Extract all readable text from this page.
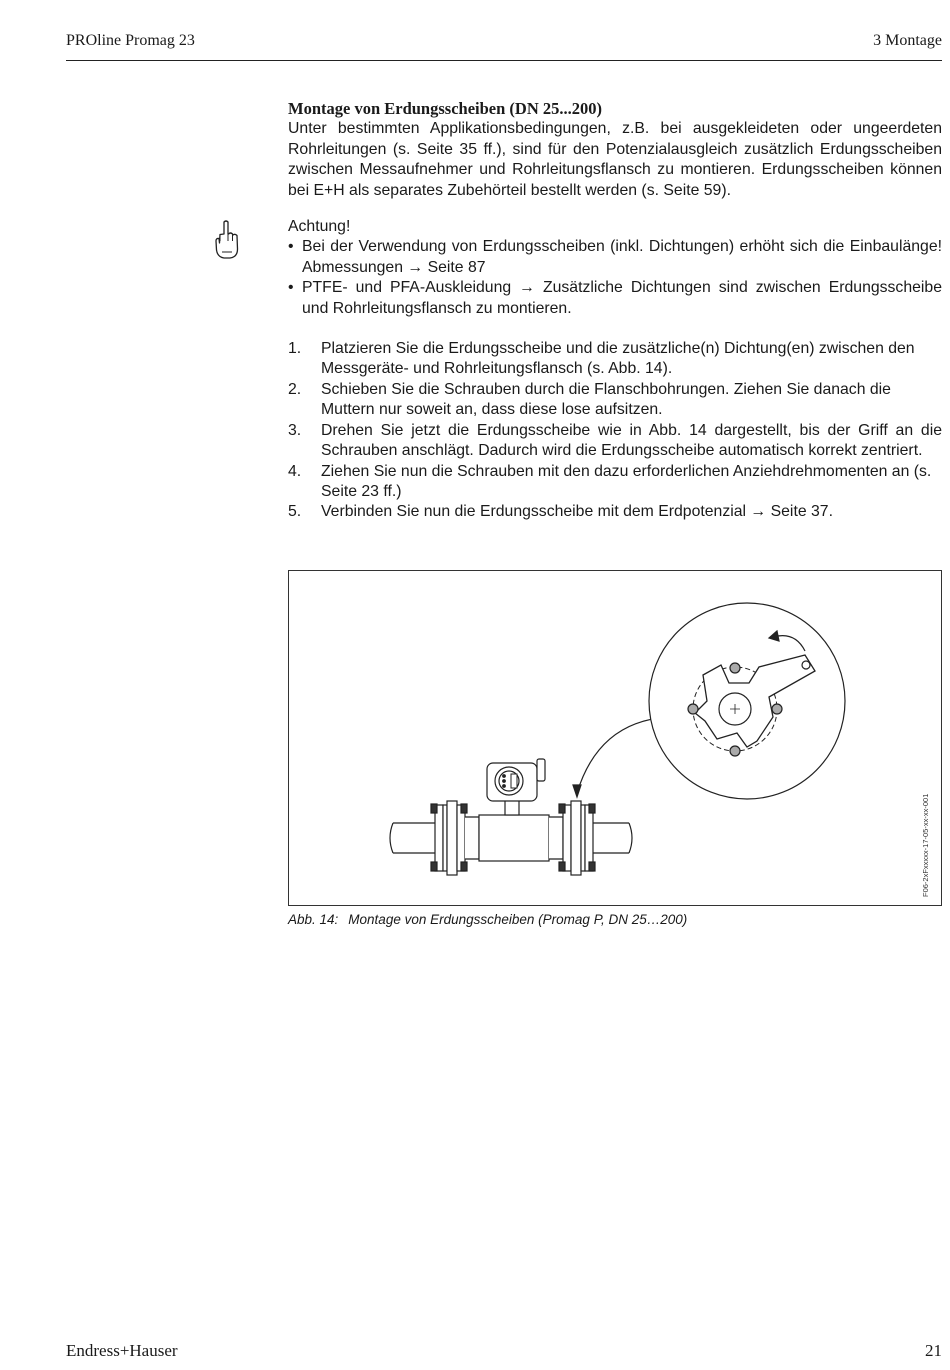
PROline Promag 23	3 Montage
Montage von Erdungsscheiben (DN 25...200)

Unter bestimmten Applikationsbedingungen, z.B. bei ausgekleideten oder ungeerdeten Rohrleitungen (s. Seite 35 ff.), sind für den Potenzialausgleich zusätzlich Erdungsscheiben zwischen Messaufnehmer und Rohrleitungsflansch zu montieren. Erdungsscheiben können bei E+H als separates Zubehörteil bestellt werden (s. Seite 59).

Achtung!
• Bei der Verwendung von Erdungsscheiben (inkl. Dichtungen) erhöht sich die Einbaulänge! Abmessungen → Seite 87
• PTFE- und PFA-Auskleidung → Zusätzliche Dichtungen sind zwischen Erdungsscheibe und Rohrleitungsflansch zu montieren.
1.	Platzieren Sie die Erdungsscheibe und die zusätzliche(n) Dichtung(en) zwischen den Messgeräte- und Rohrleitungsflansch (s. Abb. 14).
2.	Schieben Sie die Schrauben durch die Flanschbohrungen. Ziehen Sie danach die Muttern nur soweit an, dass diese lose aufsitzen.
3.	Drehen Sie jetzt die Erdungsscheibe wie in Abb. 14 dargestellt, bis der Griff an die Schrauben anschlägt. Dadurch wird die Erdungsscheibe automatisch korrekt zentriert.
4.	Ziehen Sie nun die Schrauben mit den dazu erforderlichen Anziehdrehmomenten an (s. Seite 23 ff.)
5.	Verbinden Sie nun die Erdungsscheibe mit dem Erdpotenzial → Seite 37.
F06-2xFxxxxx-17-05-xx-xx-001
Abb. 14: Montage von Erdungsscheiben (Promag P, DN 25…200)
Endress+Hauser	21
